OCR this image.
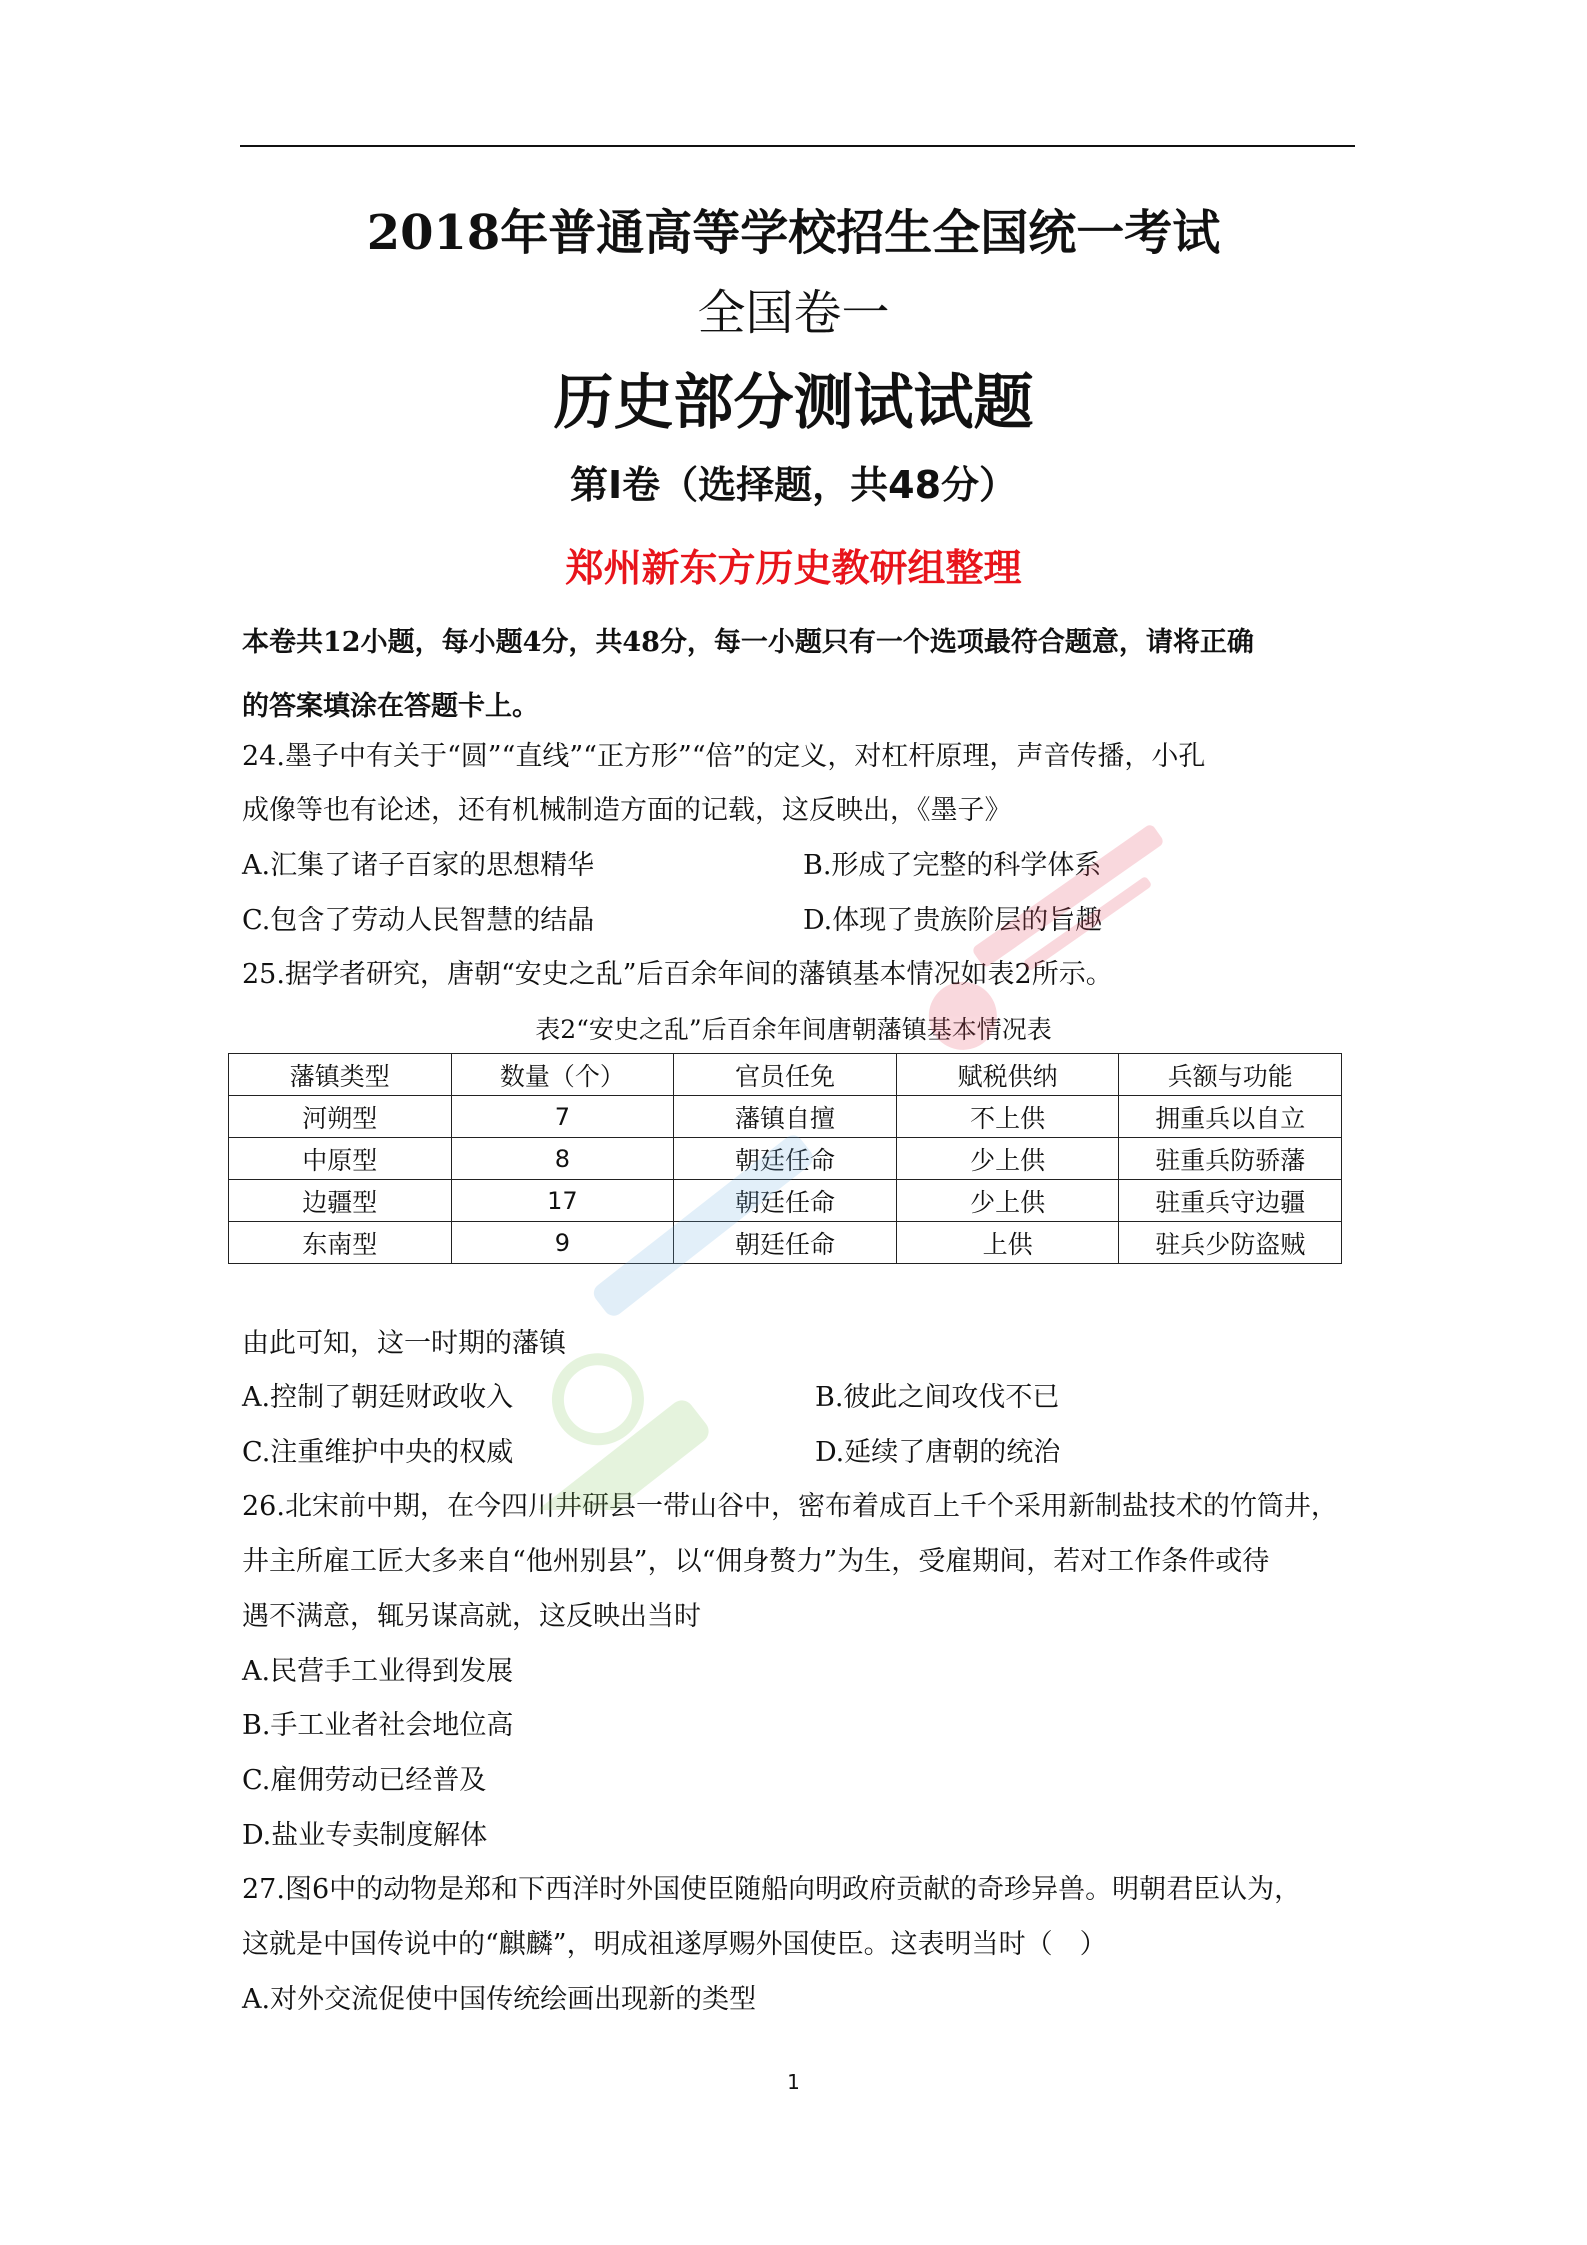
2018年普通高等学校招生全国统一考试
全国卷一
历史部分测试试题
第Ⅰ卷（选择题，共48分）
郑州新东方历史教研组整理
本卷共12小题，每小题4分，共48分，每一小题只有一个选项最符合题意，请将正确
的答案填涂在答题卡上。
24.墨子中有关于“圆”“直线”“正方形”“倍”的定义，对杠杆原理，声音传播，小孔
成像等也有论述，还有机械制造方面的记载，这反映出，《墨子》
A.汇集了诸子百家的思想精华	B.形成了完整的科学体系
C.包含了劳动人民智慧的结晶	D.体现了贵族阶层的旨趣
25.据学者研究，唐朝“安史之乱”后百余年间的藩镇基本情况如表2所示。
表2“安史之乱”后百余年间唐朝藩镇基本情况表
藩镇类型	数量（个）	官员任免	赋税供纳	兵额与功能
河朔型	7	藩镇自擅	不上供	拥重兵以自立
中原型	8	朝廷任命	少上供	驻重兵防骄藩
边疆型	17	朝廷任命	少上供	驻重兵守边疆
东南型	9	朝廷任命	上供	驻兵少防盗贼
由此可知，这一时期的藩镇
A.控制了朝廷财政收入	B.彼此之间攻伐不已
C.注重维护中央的权威	D.延续了唐朝的统治
26.北宋前中期，在今四川井研县一带山谷中，密布着成百上千个采用新制盐技术的竹筒井，
井主所雇工匠大多来自“他州别县”，以“佣身赘力”为生，受雇期间，若对工作条件或待
遇不满意，辄另谋高就，这反映出当时
A.民营手工业得到发展
B.手工业者社会地位高
C.雇佣劳动已经普及
D.盐业专卖制度解体
27.图6中的动物是郑和下西洋时外国使臣随船向明政府贡献的奇珍异兽。明朝君臣认为，
这就是中国传说中的“麒麟”，明成祖遂厚赐外国使臣。这表明当时（　）
A.对外交流促使中国传统绘画出现新的类型
1
